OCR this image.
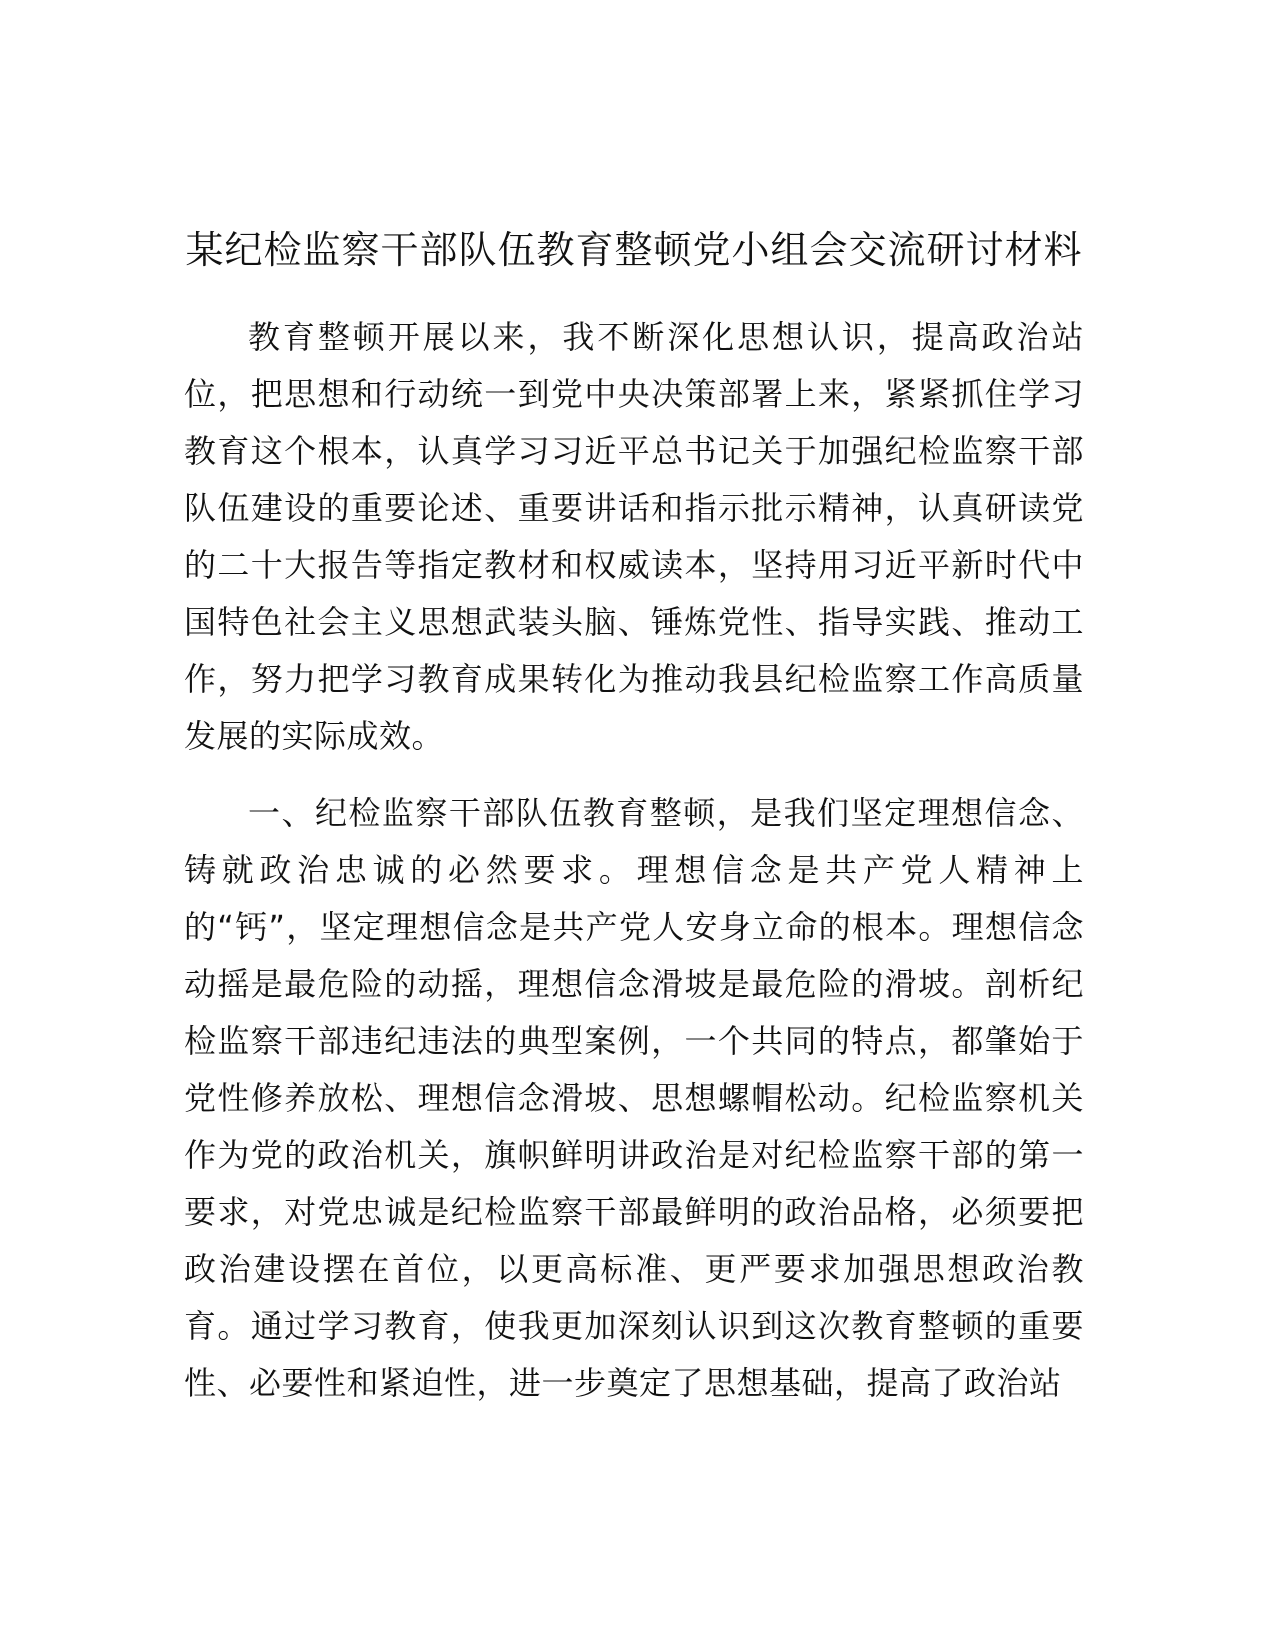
某纪检监察干部队伍教育整顿党小组会交流研讨材料

教育整顿开展以来，我不断深化思想认识，提高政治站位，把思想和行动统一到党中央决策部署上来，紧紧抓住学习教育这个根本，认真学习习近平总书记关于加强纪检监察干部队伍建设的重要论述、重要讲话和指示批示精神，认真研读党的二十大报告等指定教材和权威读本，坚持用习近平新时代中国特色社会主义思想武装头脑、锤炼党性、指导实践、推动工作，努力把学习教育成果转化为推动我县纪检监察工作高质量发展的实际成效。

一、纪检监察干部队伍教育整顿，是我们坚定理想信念、铸就政治忠诚的必然要求。理想信念是共产党人精神上的“钙”，坚定理想信念是共产党人安身立命的根本。理想信念动摇是最危险的动摇，理想信念滑坡是最危险的滑坡。剖析纪检监察干部违纪违法的典型案例，一个共同的特点，都肇始于党性修养放松、理想信念滑坡、思想螺帽松动。纪检监察机关作为党的政治机关，旗帜鲜明讲政治是对纪检监察干部的第一要求，对党忠诚是纪检监察干部最鲜明的政治品格，必须要把政治建设摆在首位，以更高标准、更严要求加强思想政治教育。通过学习教育，使我更加深刻认识到这次教育整顿的重要性、必要性和紧迫性，进一步奠定了思想基础，提高了政治站
